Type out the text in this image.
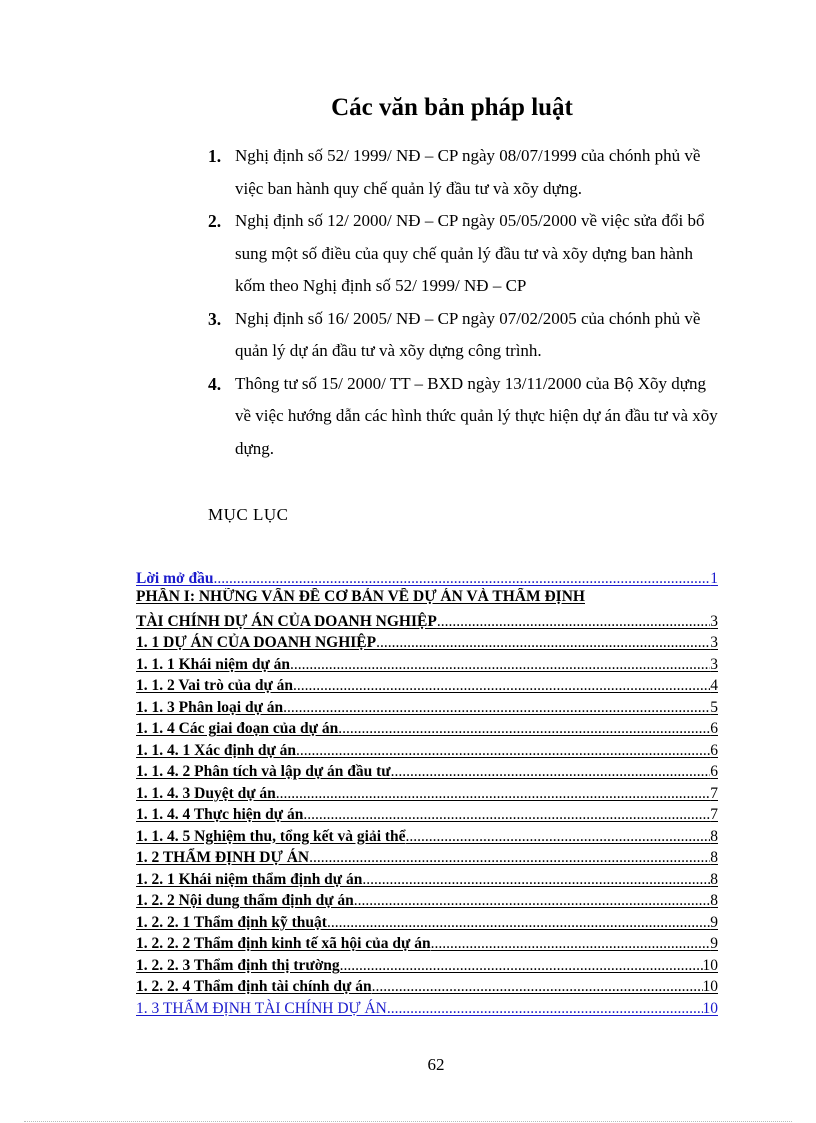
Các văn bản pháp luật
1. Nghị định số 52/ 1999/ NĐ – CP ngày 08/07/1999 của chónh phủ về việc ban hành quy chế quản lý đầu tư và xõy dựng.
2. Nghị định số 12/ 2000/ NĐ – CP ngày 05/05/2000 về việc sửa đổi bổ sung một số điều của quy chế quản lý đầu tư và xõy dựng ban hành kốm theo Nghị định số 52/ 1999/ NĐ – CP
3. Nghị định số 16/ 2005/ NĐ – CP ngày 07/02/2005 của chónh phủ về quản lý dự án đầu tư và xõy dựng công trình.
4. Thông tư số 15/ 2000/ TT – BXD ngày 13/11/2000 của Bộ Xõy dựng về việc hướng dẫn các hình thức quản lý thực hiện dự án đầu tư và xõy dựng.
MỤC LỤC
Lời mở đầu .....	1
PHẦN I: NHỮNG VẤN ĐỀ CƠ BẢN VỀ DỰ ÁN VÀ THẨM ĐỊNH
TÀI CHÍNH DỰ ÁN CỦA DOANH NGHIỆP .....	3
1. 1 DỰ ÁN CỦA DOANH NGHIỆP .....	3
1. 1. 1 Khái niệm dự án .....	3
1. 1. 2 Vai trò của dự án .....	4
1. 1. 3 Phân loại dự án .....	5
1. 1. 4 Các giai đoạn của dự án .....	6
1. 1. 4. 1 Xác định dự án .....	6
1. 1. 4. 2 Phân tích và lập dự án đầu tư .....	6
1. 1. 4. 3 Duyệt dự án .....	7
1. 1. 4. 4 Thực hiện dự án .....	7
1. 1. 4. 5 Nghiệm thu, tổng kết và giải thể .....	8
1. 2 THẨM ĐỊNH DỰ ÁN .....	8
1. 2. 1 Khái niệm thẩm định dự án .....	8
1. 2. 2 Nội dung thẩm định dự án .....	8
1. 2. 2. 1 Thẩm định kỹ thuật .....	9
1. 2. 2. 2 Thẩm định kinh tế xã hội của dự án .....	9
1. 2. 2. 3 Thẩm định thị trường .....	10
1. 2. 2. 4 Thẩm định tài chính dự án .....	10
1. 3 THẨM ĐỊNH TÀI CHÍNH DỰ ÁN .....	10
62
